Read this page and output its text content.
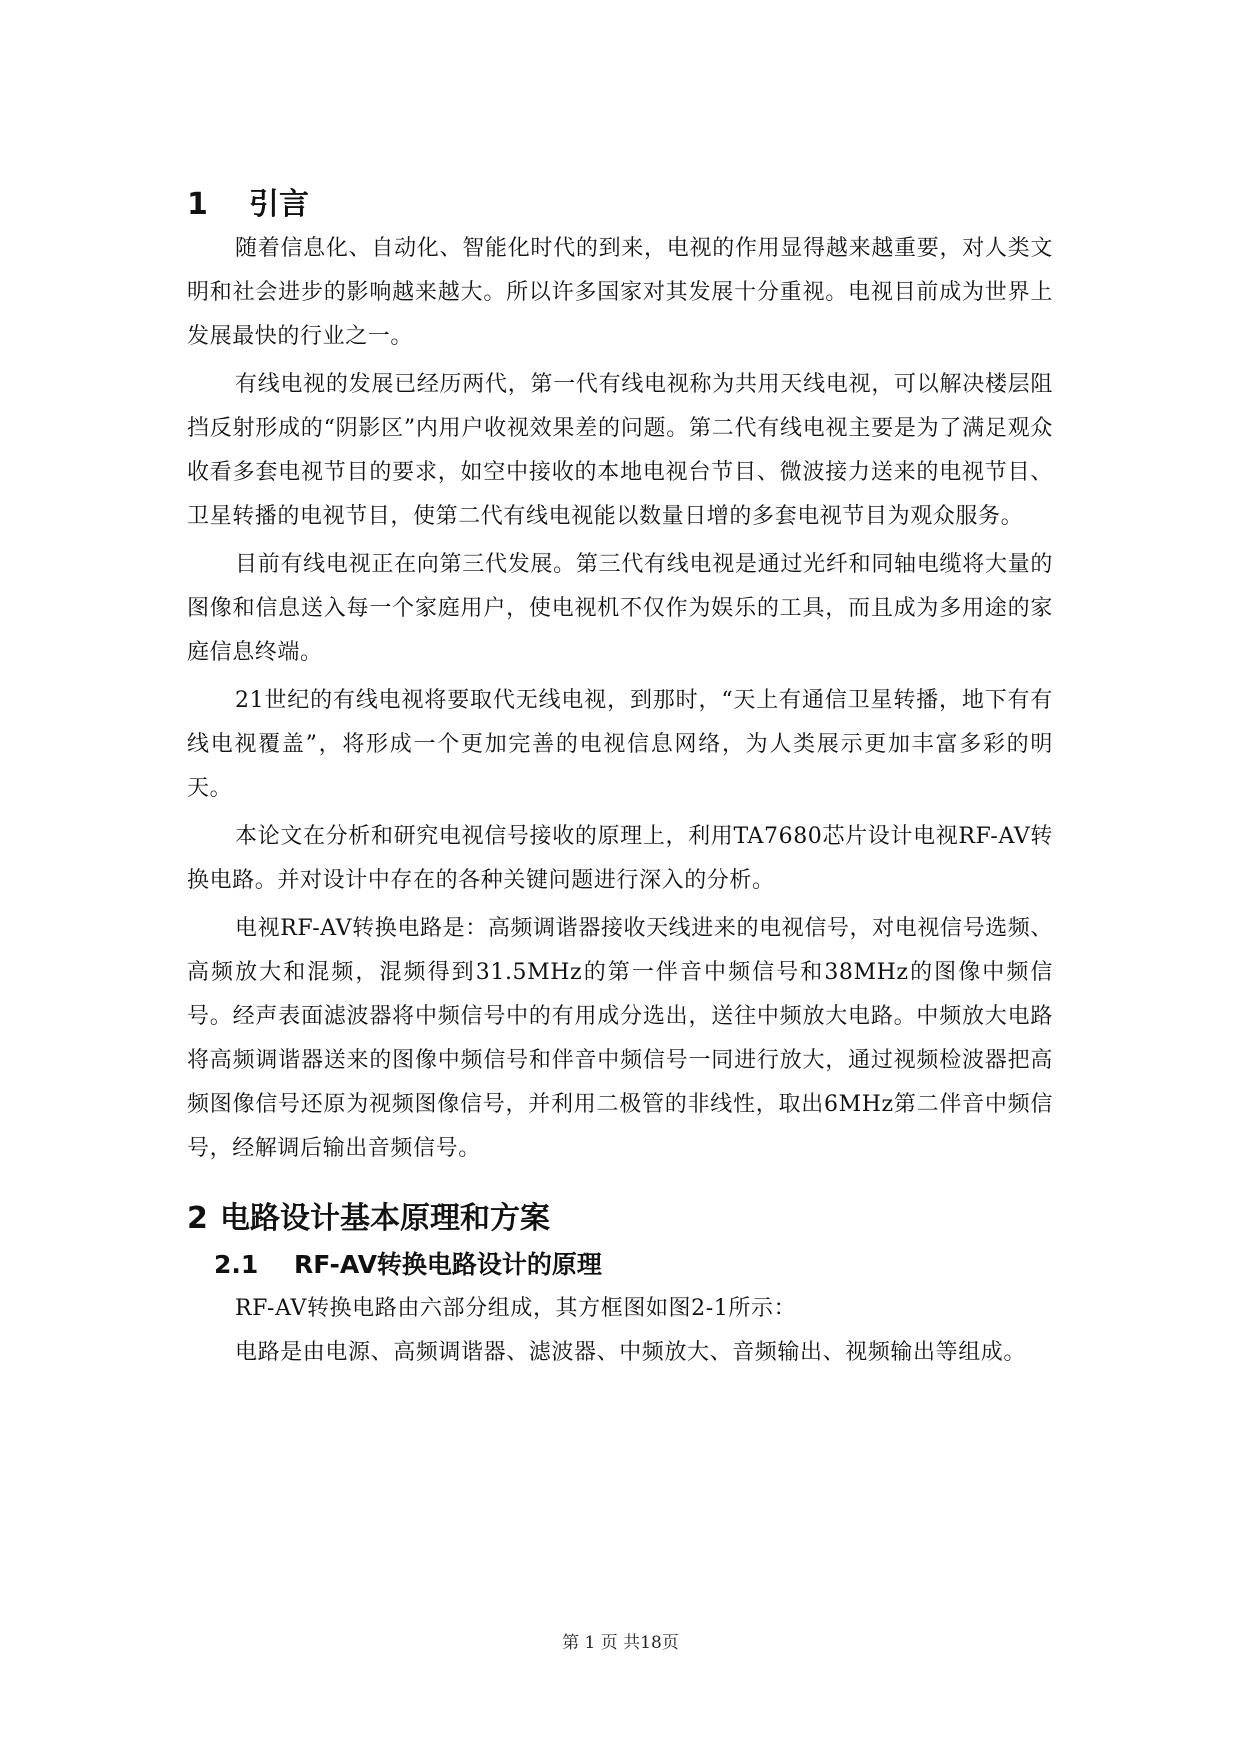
1 引言

随着信息化、自动化、智能化时代的到来，电视的作用显得越来越重要，对人类文明和社会进步的影响越来越大。所以许多国家对其发展十分重视。电视目前成为世界上发展最快的行业之一。

有线电视的发展已经历两代，第一代有线电视称为共用天线电视，可以解决楼层阻挡反射形成的“阴影区”内用户收视效果差的问题。第二代有线电视主要是为了满足观众收看多套电视节目的要求，如空中接收的本地电视台节目、微波接力送来的电视节目、卫星转播的电视节目，使第二代有线电视能以数量日增的多套电视节目为观众服务。

目前有线电视正在向第三代发展。第三代有线电视是通过光纤和同轴电缆将大量的图像和信息送入每一个家庭用户，使电视机不仅作为娱乐的工具，而且成为多用途的家庭信息终端。

21世纪的有线电视将要取代无线电视，到那时，“天上有通信卫星转播，地下有有线电视覆盖”，将形成一个更加完善的电视信息网络，为人类展示更加丰富多彩的明天。

本论文在分析和研究电视信号接收的原理上，利用TA7680芯片设计电视RF-AV转换电路。并对设计中存在的各种关键问题进行深入的分析。

电视RF-AV转换电路是：高频调谐器接收天线进来的电视信号，对电视信号选频、高频放大和混频，混频得到31.5MHz的第一伴音中频信号和38MHz的图像中频信号。经声表面滤波器将中频信号中的有用成分选出，送往中频放大电路。中频放大电路将高频调谐器送来的图像中频信号和伴音中频信号一同进行放大，通过视频检波器把高频图像信号还原为视频图像信号，并利用二极管的非线性，取出6MHz第二伴音中频信号，经解调后输出音频信号。

2 电路设计基本原理和方案
2.1 RF-AV转换电路设计的原理

RF-AV转换电路由六部分组成，其方框图如图2-1所示：

电路是由电源、高频调谐器、滤波器、中频放大、音频输出、视频输出等组成。

第 1 页 共18页
